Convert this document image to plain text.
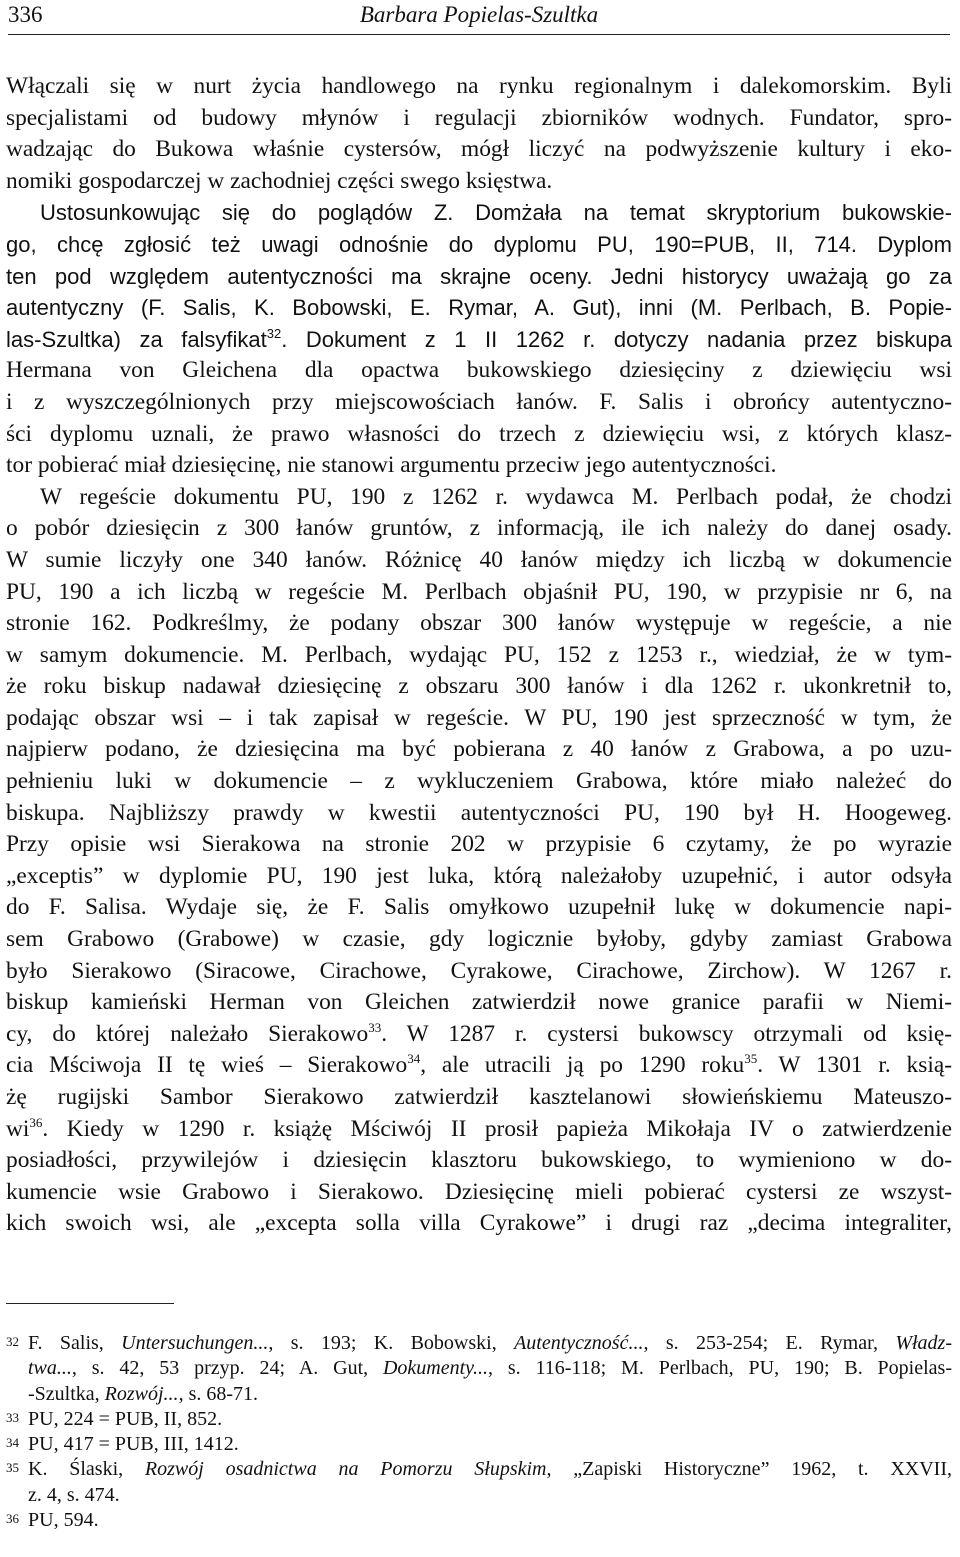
336	Barbara Popielas-Szultka
Włączali się w nurt życia handlowego na rynku regionalnym i dalekomorskim. Byli
specjalistami od budowy młynów i regulacji zbiorników wodnych. Fundator, spro-
wadzając do Bukowa właśnie cystersów, mógł liczyć na podwyższenie kultury i eko-
nomiki gospodarczej w zachodniej części swego księstwa.
Ustosunkowując się do poglądów Z. Domżała na temat skryptorium bukowskie-
go, chcę zgłosić też uwagi odnośnie do dyplomu PU, 190=PUB, II, 714. Dyplom
ten pod względem autentyczności ma skrajne oceny. Jedni historycy uważają go za
autentyczny (F. Salis, K. Bobowski, E. Rymar, A. Gut), inni (M. Perlbach, B. Popie-
las-Szultka) za falsyfikat$^{32}$. Dokument z 1 II 1262 r. dotyczy nadania przez biskupa
Hermana von Gleichena dla opactwa bukowskiego dziesięciny z dziewięciu wsi
i z wyszczególnionych przy miejscowościach łanów. F. Salis i obrońcy autentyczno-
ści dyplomu uznali, że prawo własności do trzech z dziewięciu wsi, z których klasz-
tor pobierać miał dziesięcinę, nie stanowi argumentu przeciw jego autentyczności.
W regeście dokumentu PU, 190 z 1262 r. wydawca M. Perlbach podał, że chodzi
o pobór dziesięcin z 300 łanów gruntów, z informacją, ile ich należy do danej osady.
W sumie liczyły one 340 łanów. Różnicę 40 łanów między ich liczbą w dokumencie
PU, 190 a ich liczbą w regeście M. Perlbach objaśnił PU, 190, w przypisie nr 6, na
stronie 162. Podkreślmy, że podany obszar 300 łanów występuje w regeście, a nie
w samym dokumencie. M. Perlbach, wydając PU, 152 z 1253 r., wiedział, że w tym-
że roku biskup nadawał dziesięcinę z obszaru 300 łanów i dla 1262 r. ukonkretnił to,
podając obszar wsi – i tak zapisał w regeście. W PU, 190 jest sprzeczność w tym, że
najpierw podano, że dziesięcina ma być pobierana z 40 łanów z Grabowa, a po uzu-
pełnieniu luki w dokumencie – z wykluczeniem Grabowa, które miało należeć do
biskupa. Najbliższy prawdy w kwestii autentyczności PU, 190 był H. Hoogeweg.
Przy opisie wsi Sierakowa na stronie 202 w przypisie 6 czytamy, że po wyrazie
„exceptis” w dyplomie PU, 190 jest luka, którą należałoby uzupełnić, i autor odsyła
do F. Salisa. Wydaje się, że F. Salis omyłkowo uzupełnił lukę w dokumencie napi-
sem Grabowo (Grabowe) w czasie, gdy logicznie byłoby, gdyby zamiast Grabowa
było Sierakowo (Siracowe, Cirachowe, Cyrakowe, Cirachowe, Zirchow). W 1267 r.
biskup kamieński Herman von Gleichen zatwierdził nowe granice parafii w Niemi-
cy, do której należało Sierakowo$^{33}$. W 1287 r. cystersi bukowscy otrzymali od księ-
cia Mściwoja II tę wieś – Sierakowo$^{34}$, ale utracili ją po 1290 roku$^{35}$. W 1301 r. ksią-
żę rugijski Sambor Sierakowo zatwierdził kasztelanowi słowieńskiemu Mateuszo-
$wi^{36}$. Kiedy w 1290 r. książę Mściwój II prosił papieża Mikołaja IV o zatwierdzenie
posiadłości, przywilejów i dziesięcin klasztoru bukowskiego, to wymieniono w do-
kumencie wsie Grabowo i Sierakowo. Dziesięcinę mieli pobierać cystersi ze wszyst-
kich swoich wsi, ale „excepta solla villa Cyrakowe” i drugi raz „decima integraliter,
32 F. Salis, Untersuchungen..., s. 193; K. Bobowski, Autentyczność..., s. 253-254; E. Rymar, Władz-
twa..., s. 42, 53 przyp. 24; A. Gut, Dokumenty..., s. 116-118; M. Perlbach, PU, 190; B. Popielas-
-Szultka, Rozwój..., s. 68-71.
33 PU, 224 = PUB, II, 852.
34 PU, 417 = PUB, III, 1412.
35 K. Ślaski, Rozwój osadnictwa na Pomorzu Słupskim, „Zapiski Historyczne” 1962, t. XXVII,
z. 4, s. 474.
36 PU, 594.
